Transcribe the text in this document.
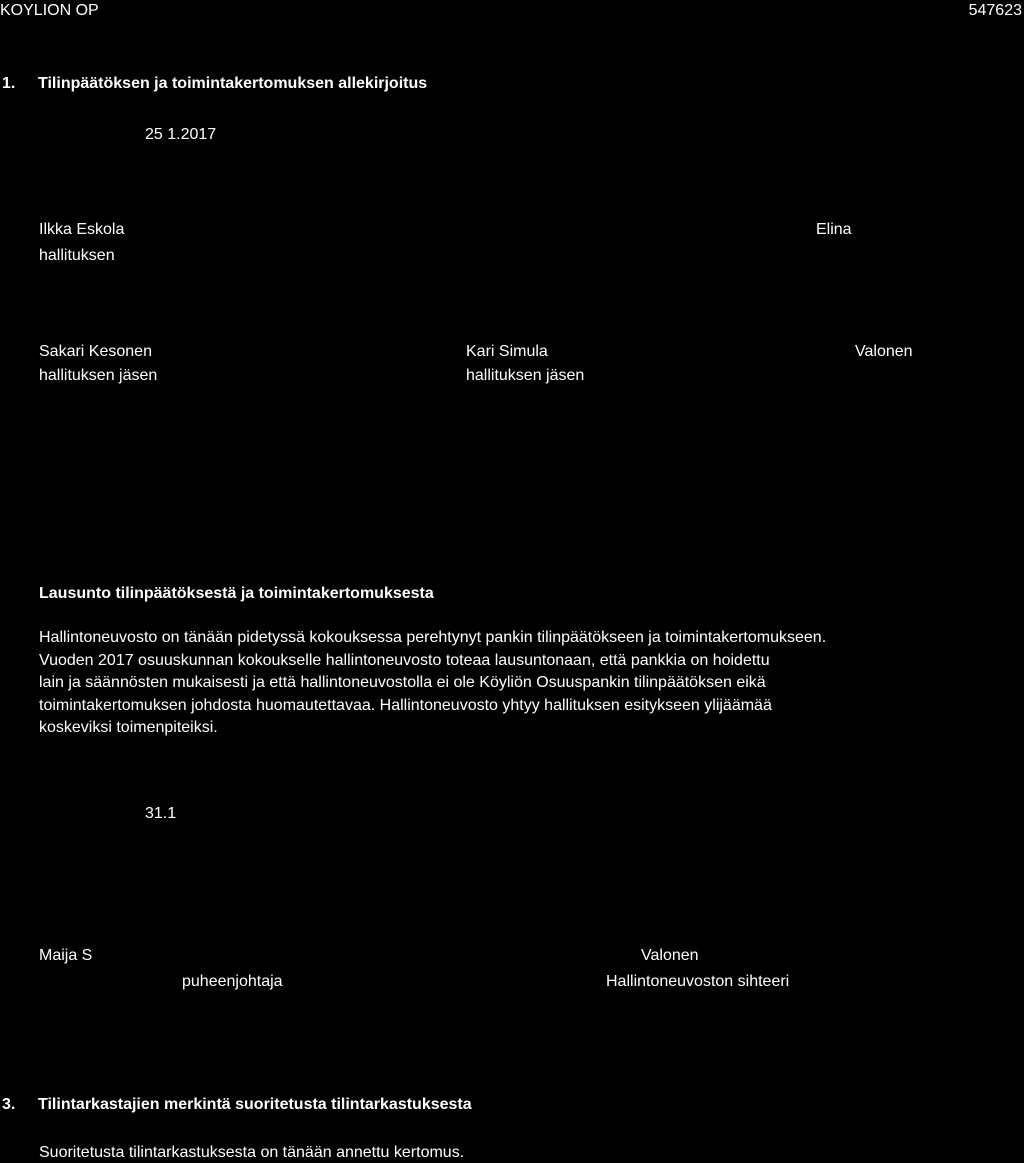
KOYLION OP	547623
1. Tilinpäätöksen ja toimintakertomuksen allekirjoitus
25 1.2017
Ilkka Eskola
hallituksen
Elina
Sakari Kesonen
hallituksen jäsen
Kari Simula
hallituksen jäsen
Valonen
Lausunto tilinpäätöksestä ja toimintakertomuksesta
Hallintoneuvosto on tänään pidetyssä kokouksessa perehtynyt pankin tilinpäätökseen ja toimintakertomukseen.
Vuoden 2017 osuuskunnan kokoukselle hallintoneuvosto toteaa lausuntonaan, että pankkia on hoidettu
lain ja säännösten mukaisesti ja että hallintoneuvostolla ei ole Köyliön Osuuspankin tilinpäätöksen eikä
toimintakertomuksen johdosta huomautettavaa. Hallintoneuvosto yhtyy hallituksen esitykseen ylijäämää
koskeviksi toimenpiteiksi.
31.1
Maija S
puheenjohtaja
Valonen
Hallintoneuvoston sihteeri
3. Tilintarkastajien merkintä suoritetusta tilintarkastuksesta
Suoritetusta tilintarkastuksesta on tänään annettu kertomus.
